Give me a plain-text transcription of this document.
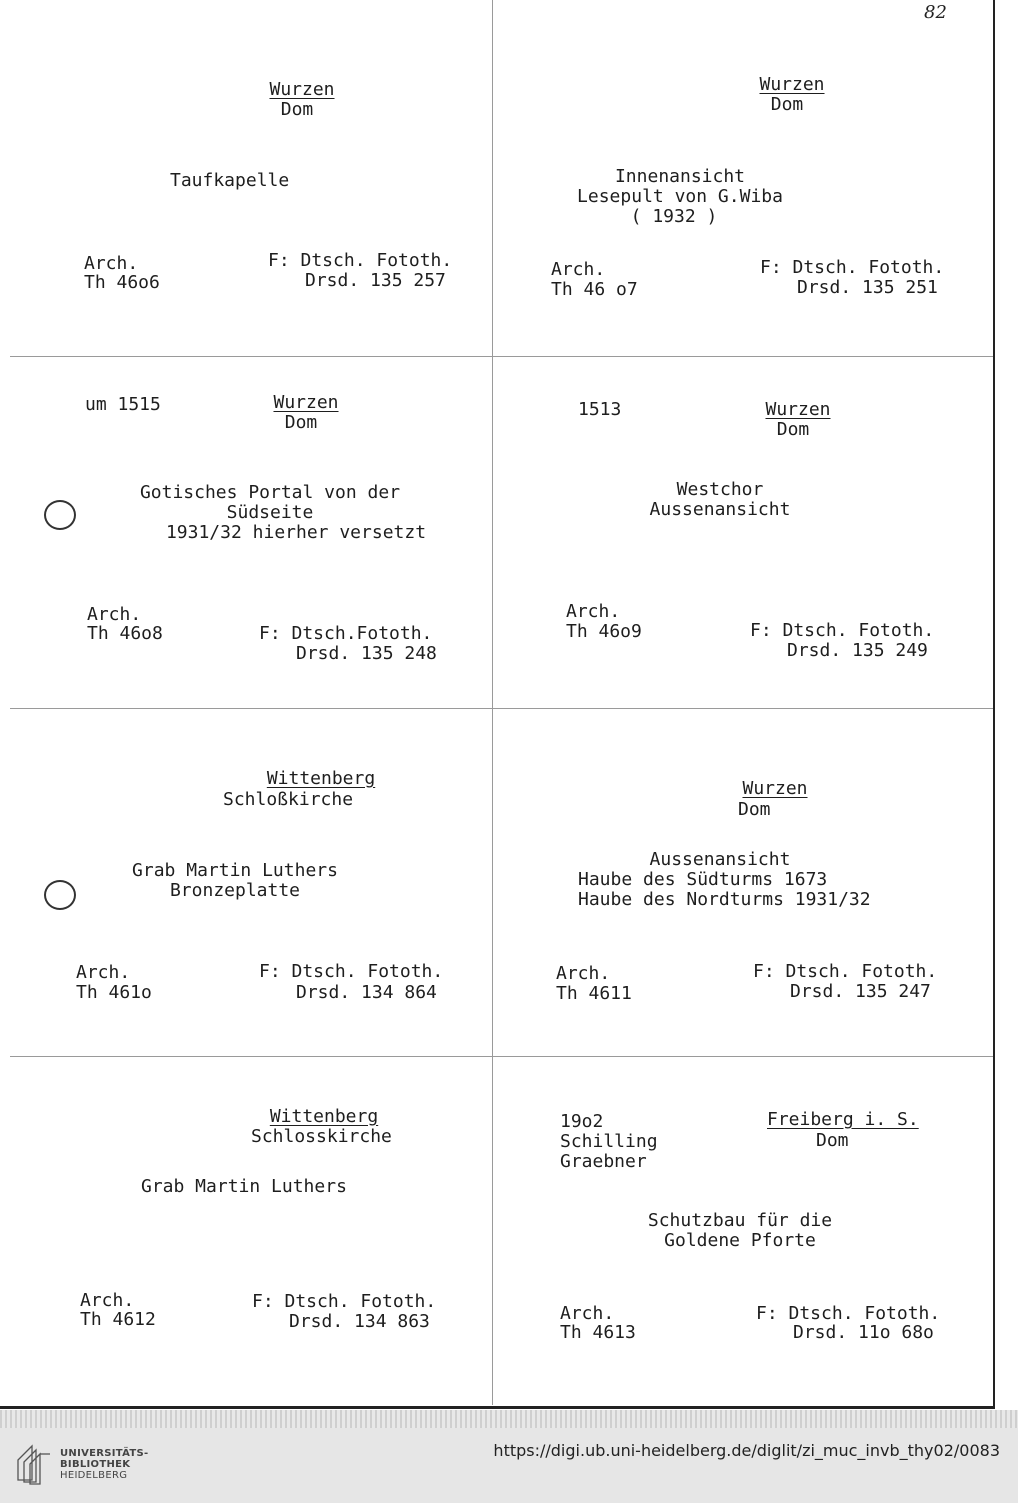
82
Wurzen
Dom
Taufkapelle
Arch.
Th 46o6
F: Dtsch. Fototh.
Drsd. 135 257
Wurzen
Dom
Innenansicht
Lesepult von G.Wiba
( 1932 )
Arch.
Th 46 o7
F: Dtsch. Fototh.
Drsd. 135 251
um 1515	Wurzen
Dom
Gotisches Portal von der
Südseite
1931/32 hierher versetzt
Arch.
Th 46o8	F: Dtsch.Fototh.
Drsd. 135 248
1513	Wurzen
Dom
Westchor
Aussenansicht
Arch.
Th 46o9	F: Dtsch. Fototh.
Drsd. 135 249
Wittenberg
Schloßkirche
Grab Martin Luthers
Bronzeplatte
Arch.
Th 461o
F: Dtsch. Fototh.
Drsd. 134 864
Wurzen
Dom
Aussenansicht
Haube des Südturms 1673
Haube des Nordturms 1931/32
Arch.
Th 4611
F: Dtsch. Fototh.
Drsd. 135 247
Wittenberg
Schlosskirche
Grab Martin Luthers
Arch.
Th 4612
F: Dtsch. Fototh.
Drsd. 134 863
19o2
Schilling
Graebner
Freiberg i. S.
Dom
Schutzbau für die
Goldene Pforte
Arch.
Th 4613
F: Dtsch. Fototh.
Drsd. 11o 68o
UNIVERSITÄTS-
BIBLIOTHEK
HEIDELBERG
https://digi.ub.uni-heidelberg.de/diglit/zi_muc_invb_thy02/0083
